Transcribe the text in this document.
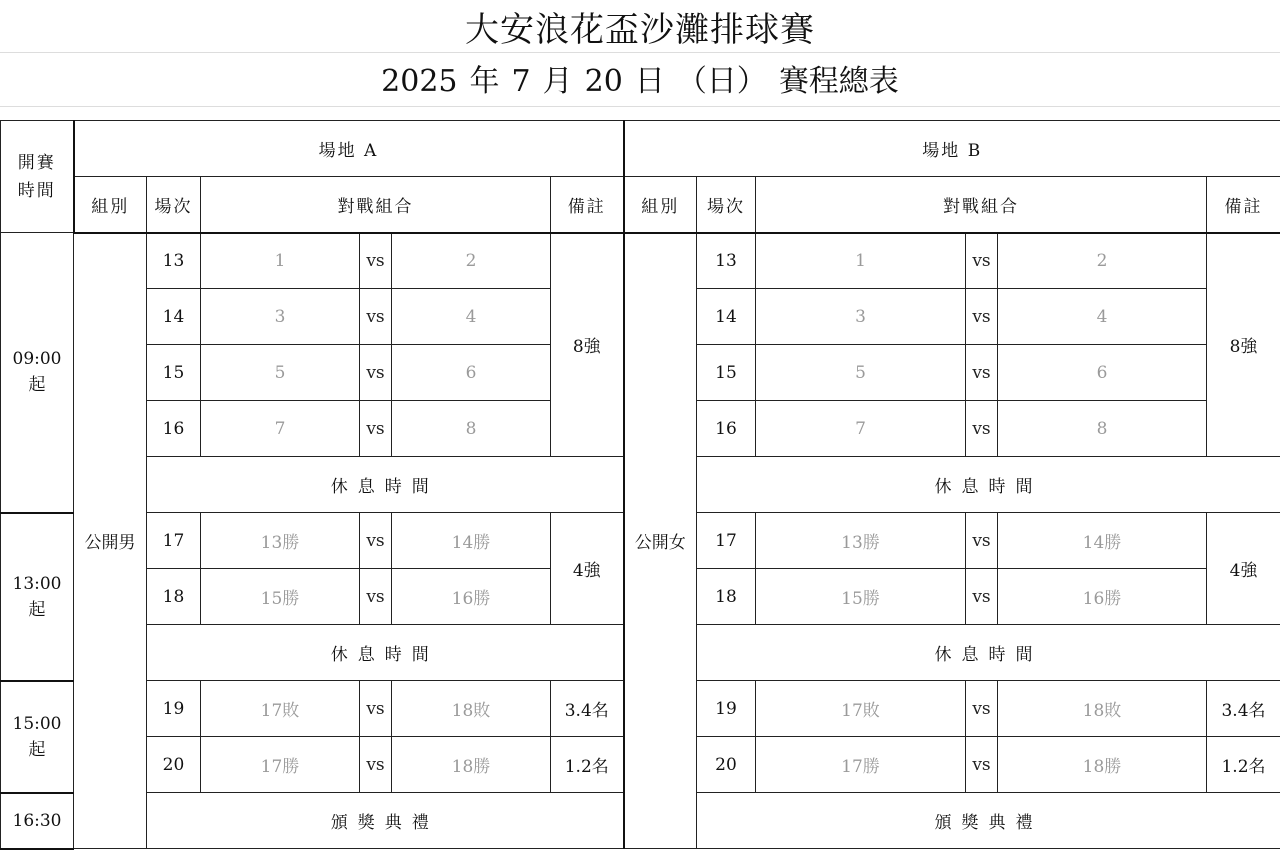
大安浪花盃沙灘排球賽
2025 年 7 月 20 日 （日） 賽程總表
開賽時間	場地 A						場地 B					
	組別	場次	對戰組合			備註	組別	場次	對戰組合			備註

09:00
起	公開男	13	1	vs	2	8強	公開女	13	1	vs	2	8強
		14	3	vs	4			14	3	vs	4	
		15	5	vs	6			15	5	vs	6	
		16	7	vs	8			16	7	vs	8	
		休息時間						休息時間				

13:00
起		17	13勝	vs	14勝	4強		17	13勝	vs	14勝	4強
		18	15勝	vs	16勝			18	15勝	vs	16勝	
		休息時間						休息時間				

15:00
起		19	17敗	vs	18敗	3.4名		19	17敗	vs	18敗	3.4名
		20	17勝	vs	18勝	1.2名		20	17勝	vs	18勝	1.2名

16:30		頒獎典禮						頒獎典禮				
